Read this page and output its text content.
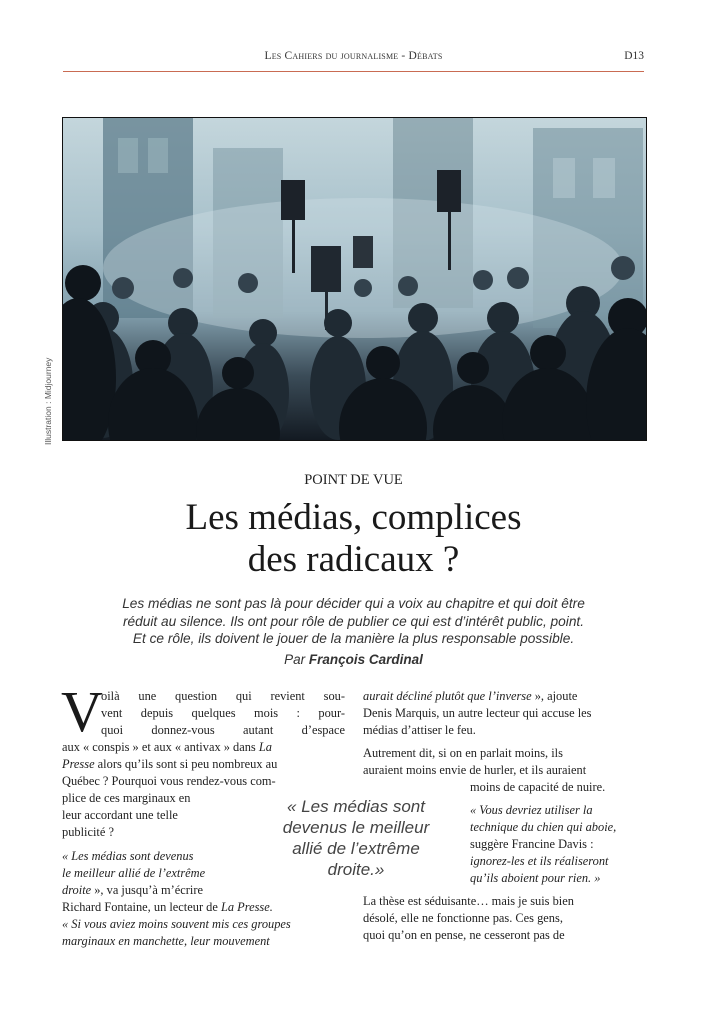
Les Cahiers du journalisme - Débats	D13
Illustration : Midjourney
POINT DE VUE
Les médias, complices
des radicaux ?
Les médias ne sont pas là pour décider qui a voix au chapitre et qui doit être
réduit au silence. Ils ont pour rôle de publier ce qui est d’intérêt public, point.
Et ce rôle, ils doivent le jouer de la manière la plus responsable possible.
Par François Cardinal
V
oilà une question qui revient sou-
vent depuis quelques mois : pour-
quoi donnez-vous autant d’espace
aux « conspis » et aux « antivax » dans La
Presse alors qu’ils sont si peu nombreux au
Québec ? Pourquoi vous rendez-vous com-
plice de ces marginaux en
leur accordant une telle
publicité ?
« Les médias sont devenus
le meilleur allié de l’extrême
droite », va jusqu’à m’écrire
Richard Fontaine, un lecteur de La Presse.
« Si vous aviez moins souvent mis ces groupes
marginaux en manchette, leur mouvement
« Les médias sont
devenus le meilleur
allié de l’extrême
droite.»
aurait décliné plutôt que l’inverse », ajoute
Denis Marquis, un autre lecteur qui accuse les
médias d’attiser le feu.
Autrement dit, si on en parlait moins, ils
auraient moins envie de hurler, et ils auraient
moins de capacité de nuire.
« Vous devriez utiliser la
technique du chien qui aboie,
suggère Francine Davis :
ignorez-les et ils réaliseront
qu’ils aboient pour rien. »
La thèse est séduisante… mais je suis bien
désolé, elle ne fonctionne pas. Ces gens,
quoi qu’on en pense, ne cesseront pas de
